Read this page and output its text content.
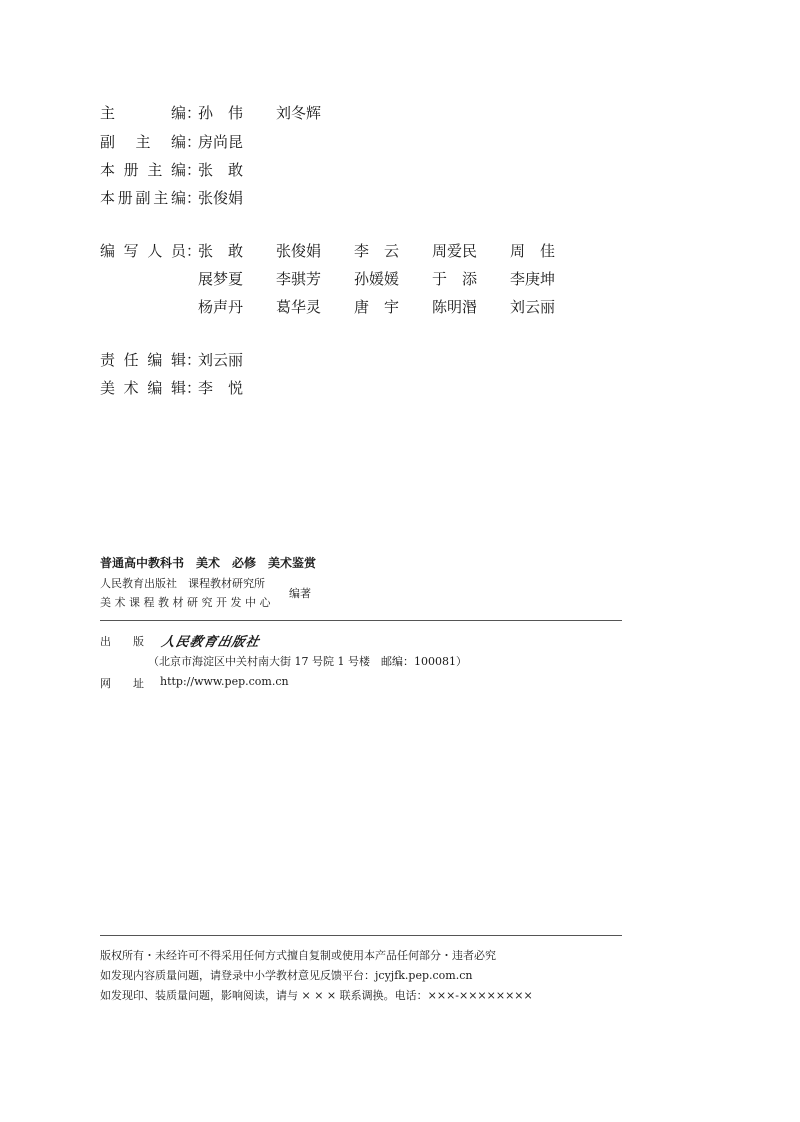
主	编 ：
孙　伟 刘冬辉
副 主 编 ：
房尚昆
本 册 主 编 ：
张　敢
本 册 副 主 编 ：
张俊娟
编 写 人 员 ：
张　敢 张俊娟 李　云 周爱民 周　佳
展梦夏 李骐芳 孙媛媛 于　添 李庚坤
杨声丹 葛华灵 唐　宇 陈明湣 刘云丽
责 任 编 辑 ：
刘云丽
美 术 编 辑 ：
李　悦
普通高中教科书　美术　必修　美术鉴赏
人民教育出版社　课程教材研究所
美 术 课 程 教 材 研 究 开 发 中 心
编著
出　　版 人民教育出版社
（北京市海淀区中关村南大街 17 号院 1 号楼　邮编：100081）
网　　址 http://www.pep.com.cn
版权所有・未经许可不得采用任何方式擅自复制或使用本产品任何部分・违者必究
如发现内容质量问题，请登录中小学教材意见反馈平台：jcyjfk.pep.com.cn
如发现印、装质量问题，影响阅读，请与 × × × 联系调换。电话：×××-××××××××
